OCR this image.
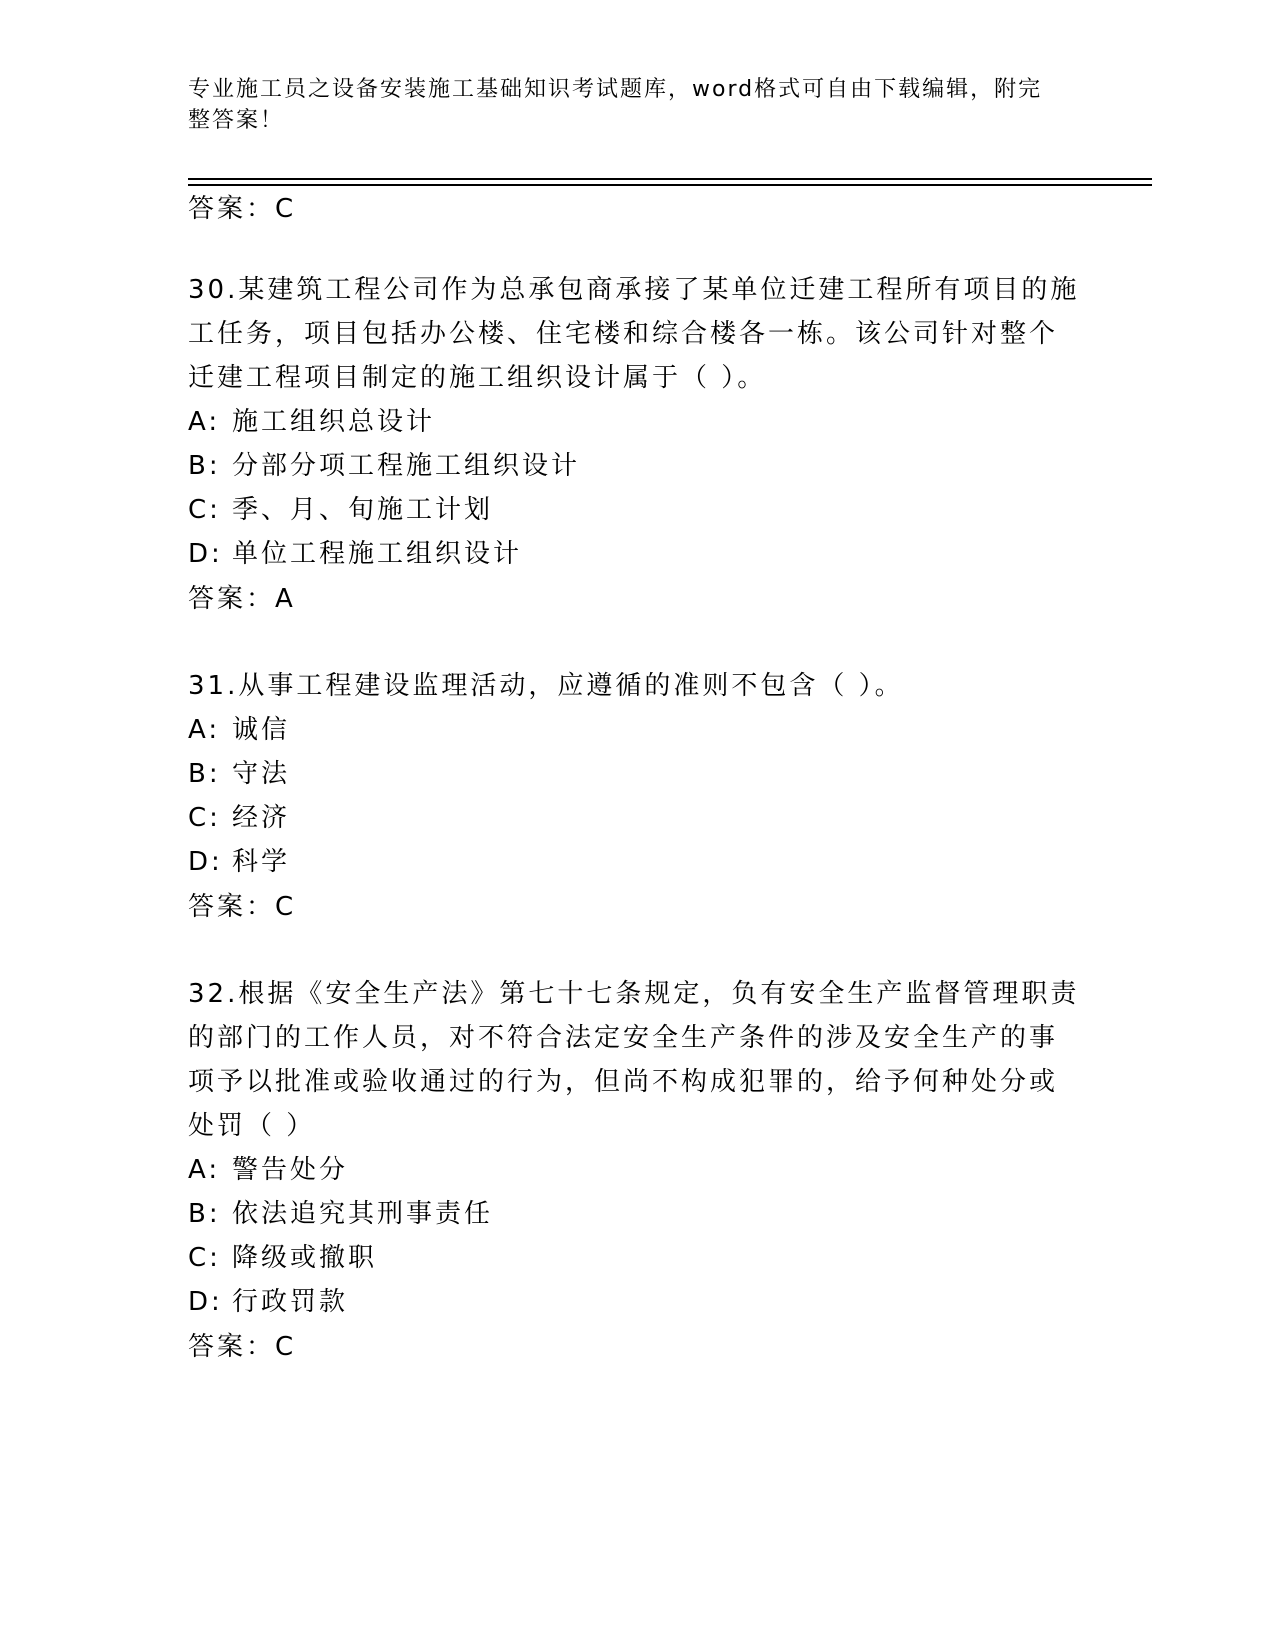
专业施工员之设备安装施工基础知识考试题库，word格式可自由下载编辑，附完
整答案！
答案：C
30.某建筑工程公司作为总承包商承接了某单位迁建工程所有项目的施
工任务，项目包括办公楼、住宅楼和综合楼各一栋。该公司针对整个
迁建工程项目制定的施工组织设计属于（ ）。
A: 施工组织总设计
B: 分部分项工程施工组织设计
C: 季、月、旬施工计划
D: 单位工程施工组织设计
答案：A
31.从事工程建设监理活动，应遵循的准则不包含（ ）。
A: 诚信
B: 守法
C: 经济
D: 科学
答案：C
32.根据《安全生产法》第七十七条规定，负有安全生产监督管理职责
的部门的工作人员，对不符合法定安全生产条件的涉及安全生产的事
项予以批准或验收通过的行为，但尚不构成犯罪的，给予何种处分或
处罚（ ）
A: 警告处分
B: 依法追究其刑事责任
C: 降级或撤职
D: 行政罚款
答案：C
